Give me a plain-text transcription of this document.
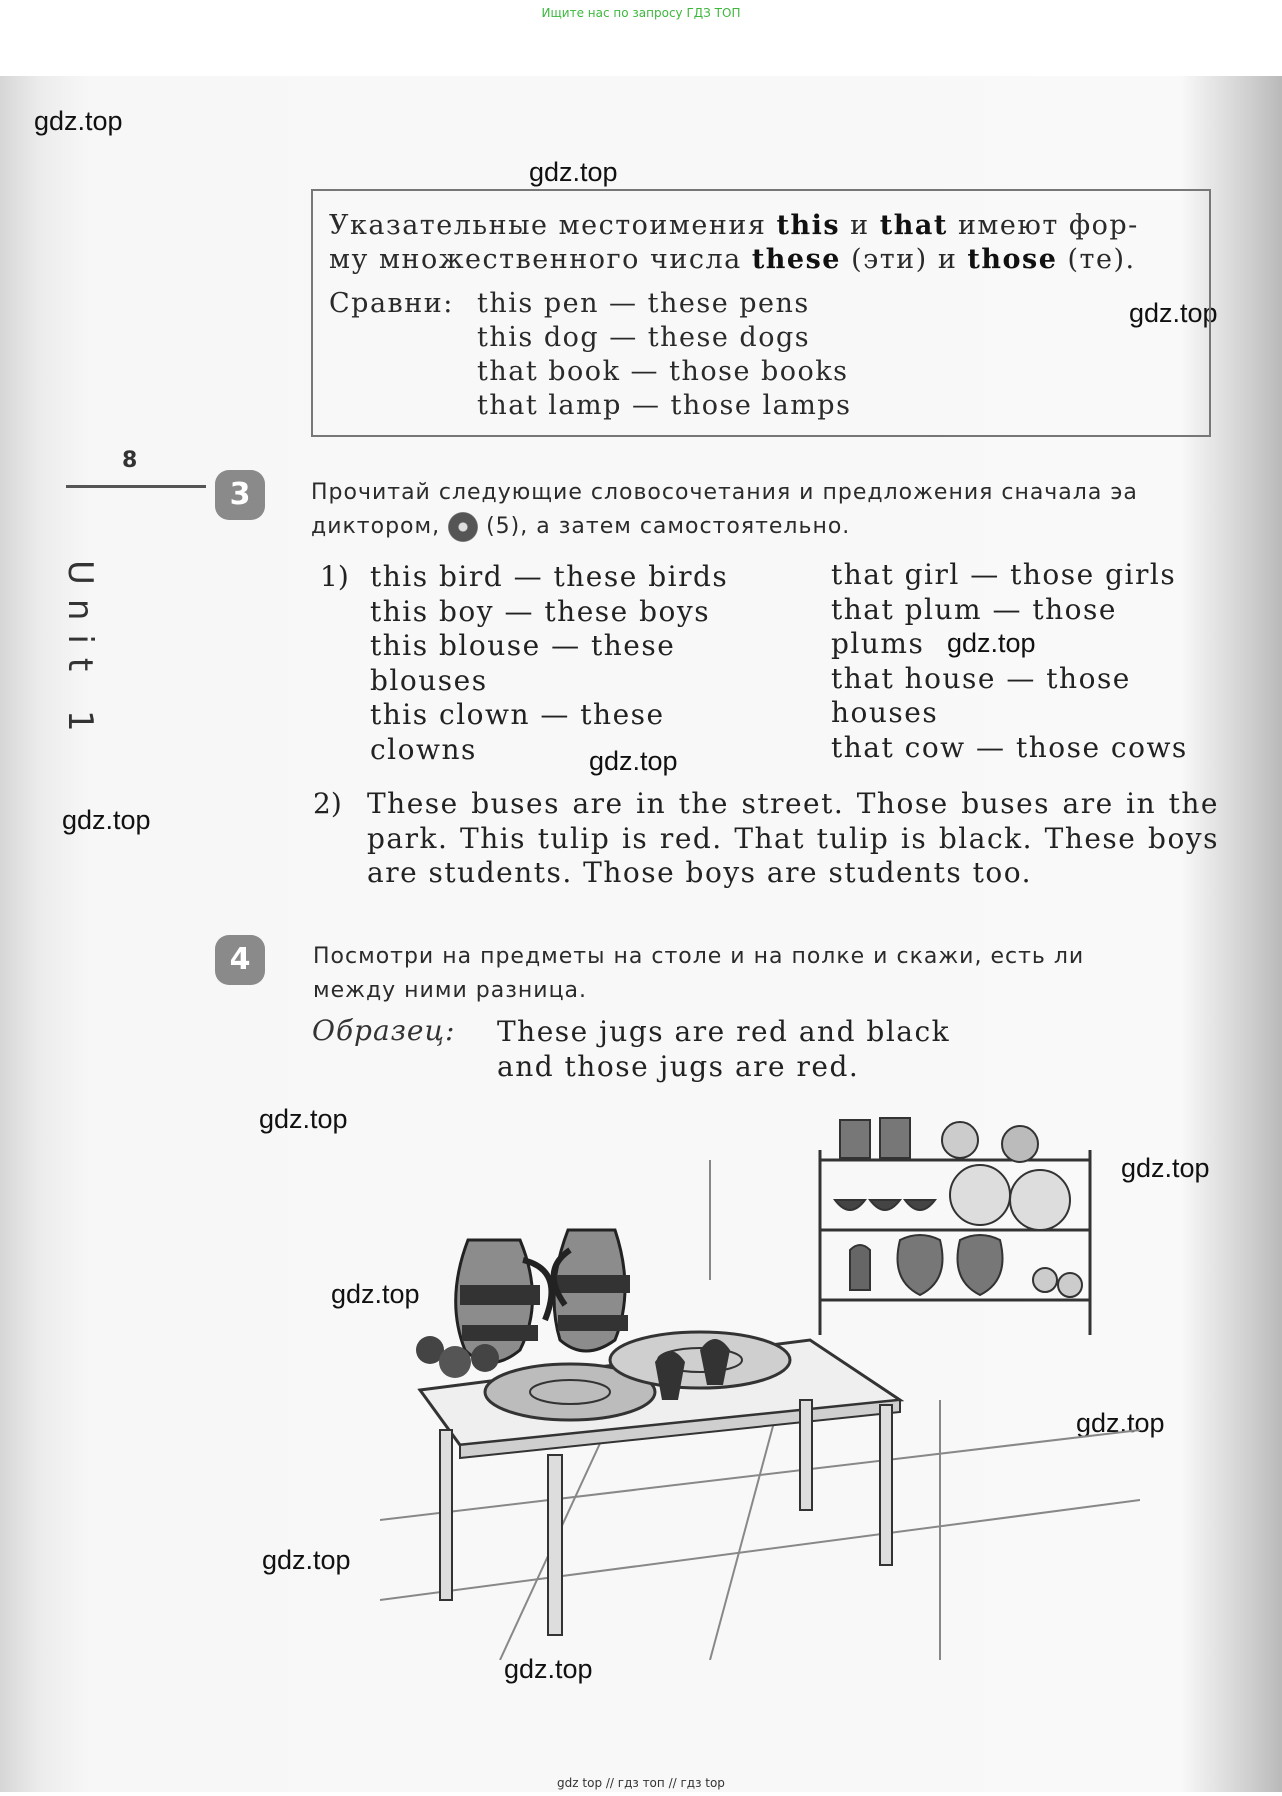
Ищите нас по запросу ГДЗ ТОП
gdz.top
gdz.top
gdz.top
gdz.top
gdz.top
gdz.top
gdz.top
gdz.top
gdz.top
gdz.top
gdz.top
gdz.top
Указательные местоимения this и that имеют фор-
му множественного числа these (эти) и those (те).
Сравни: this pen — these pens
this dog — these dogs
that book — those books
that lamp — those lamps
8
Unit 1
3	Прочитай следующие словосочетания и предложения сначала эа
диктором, (5), а затем самостоятельно.
1) this bird — these birds
this boy — these boys
this blouse — these
blouses
this clown — these
clowns
that girl — those girls
that plum — those
plums
that house — those
houses
that cow — those cows
2) These buses are in the street. Those buses are in the park. This tulip is red. That tulip is black. These boys are students. Those boys are students too.
4	Посмотри на предметы на столе и на полке и скажи, есть ли
между ними разница.
Образец: These jugs are red and black
and those jugs are red.
gdz top // гдз топ // гдз top
